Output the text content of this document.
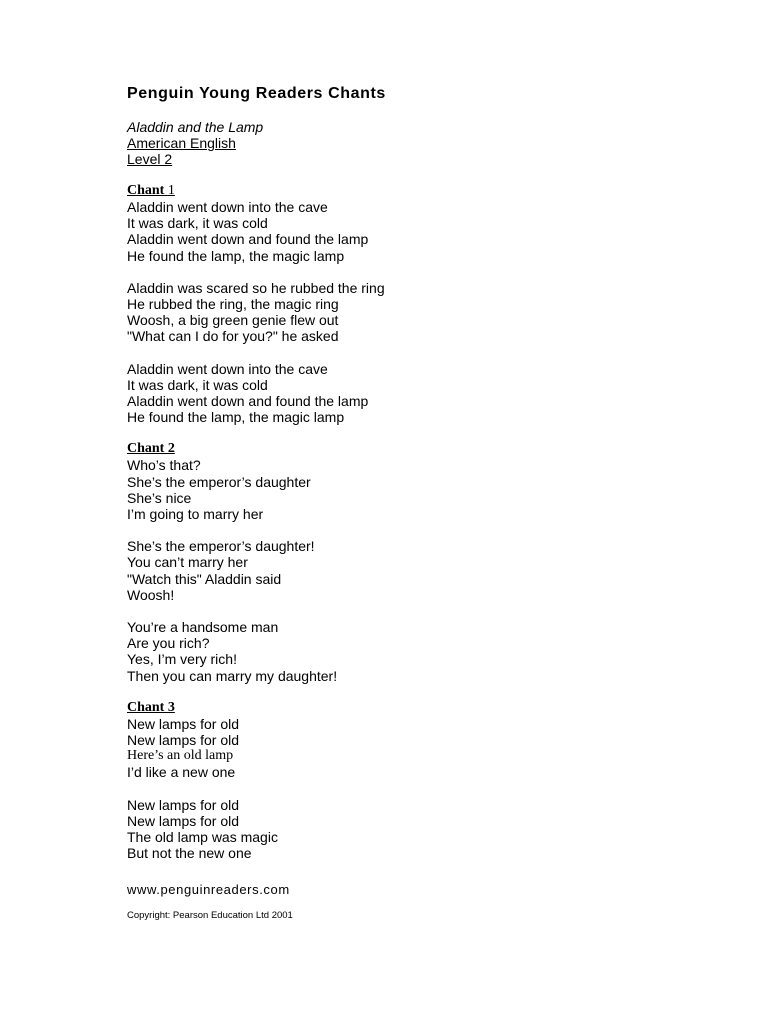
Penguin Young Readers Chants
Aladdin and the Lamp
American English
Level 2
Chant 1
Aladdin went down into the cave
It was dark, it was cold
Aladdin went down and found the lamp
He found the lamp, the magic lamp
Aladdin was scared so he rubbed the ring
He rubbed the ring, the magic ring
Woosh, a big green genie flew out
"What can I do for you?" he asked
Aladdin went down into the cave
It was dark, it was cold
Aladdin went down and found the lamp
He found the lamp, the magic lamp
Chant 2
Who’s that?
She’s the emperor’s daughter
She’s nice
I’m going to marry her
She’s the emperor’s daughter!
You can’t marry her
"Watch this" Aladdin said
Woosh!
You’re a handsome man
Are you rich?
Yes, I’m very rich!
Then you can marry my daughter!
Chant 3
New lamps for old
New lamps for old
Here’s an old lamp
I’d like a new one
New lamps for old
New lamps for old
The old lamp was magic
But not the new one
www.penguinreaders.com
Copyright: Pearson Education Ltd 2001
